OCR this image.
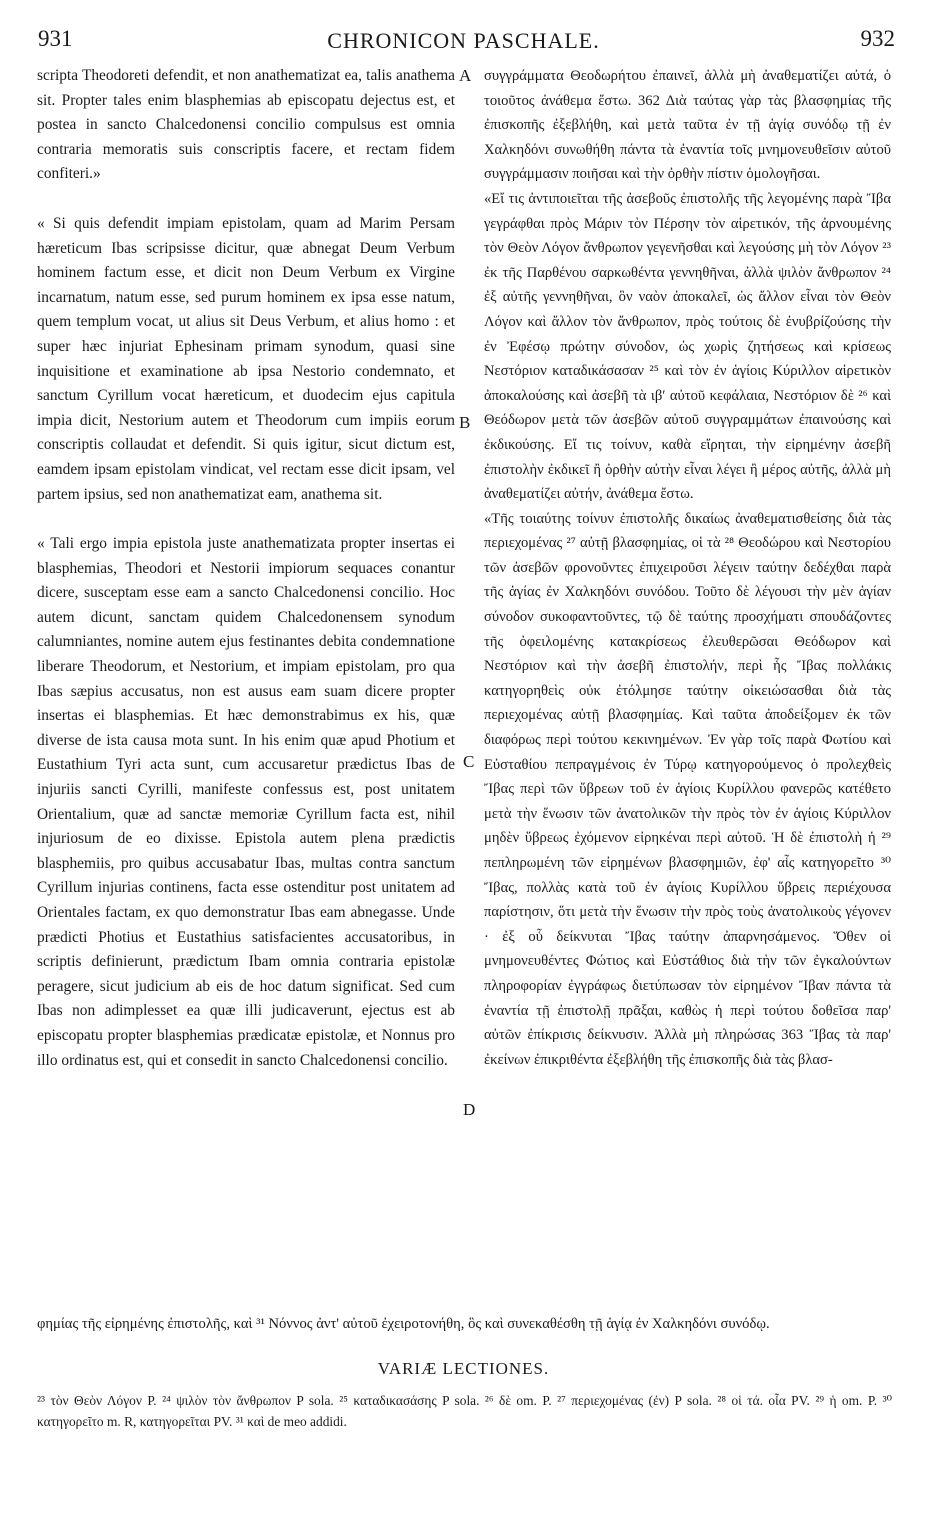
931	CHRONICON PASCHALE.	932

scripta Theodoreti defendit, et non anathematizat ea, talis anathema sit. Propter tales enim blasphemias ab episcopatu dejectus est, et postea in sancto Chalcedonensi concilio compulsus est omnia contraria memoratis suis conscriptis facere, et rectam fidem confiteri.»

« Si quis defendit impiam epistolam, quam ad Marim Persam hæreticum Ibas scripsisse dicitur, quæ abnegat Deum Verbum hominem factum esse, et dicit non Deum Verbum ex Virgine incarnatum, natum esse, sed purum hominem ex ipsa esse natum, quem templum vocat, ut alius sit Deus Verbum, et alius homo : et super hæc injuriat Ephesinam primam synodum, quasi sine inquisitione et examinatione ab ipsa Nestorio condemnato, et sanctum Cyrillum vocat hæreticum, et duodecim ejus capitula impia dicit, Nestorium autem et Theodorum cum impiis eorum conscriptis collaudat et defendit. Si quis igitur, sicut dictum est, eamdem ipsam epistolam vindicat, vel rectam esse dicit ipsam, vel partem ipsius, sed non anathematizat eam, anathema sit.

« Tali ergo impia epistola juste anathematizata propter insertas ei blasphemias, Theodori et Nestorii impiorum sequaces conantur dicere, susceptam esse eam a sancto Chalcedonensi concilio. Hoc autem dicunt, sanctam quidem Chalcedonensem synodum calumniantes, nomine autem ejus festinantes debita condemnatione liberare Theodorum, et Nestorium, et impiam epistolam, pro qua Ibas sæpius accusatus, non est ausus eam suam dicere propter insertas ei blasphemias. Et hæc demonstrabimus ex his, quæ diverse de ista causa mota sunt. In his enim quæ apud Photium et Eustathium Tyri acta sunt, cum accusaretur prædictus Ibas de injuriis sancti Cyrilli, manifeste confessus est, post unitatem Orientalium, quæ ad sanctæ memoriæ Cyrillum facta est, nihil injuriosum de eo dixisse. Epistola autem plena prædictis blasphemiis, pro quibus accusabatur Ibas, multas contra sanctum Cyrillum injurias continens, facta esse ostenditur post unitatem ad Orientales factam, ex quo demonstratur Ibas eam abnegasse. Unde prædicti Photius et Eustathius satisfacientes accusatoribus, in scriptis definierunt, prædictum Ibam omnia contraria epistolæ peragere, sicut judicium ab eis de hoc datum significat. Sed cum Ibas non adimplesset ea quæ illi judicaverunt, ejectus est ab episcopatu propter blasphemias prædicatæ epistolæ, et Nonnus pro illo ordinatus est, qui et consedit in sancto Chalcedonensi concilio.

A
B
C
D

συγγράμματα Θεοδωρήτου ἐπαινεῖ, ἀλλὰ μὴ ἀναθεματίζει αὐτά, ὁ τοιοῦτος ἀνάθεμα ἔστω. 362 Διὰ ταύτας γὰρ τὰς βλασφημίας τῆς ἐπισκοπῆς ἐξεβλήθη, καὶ μετὰ ταῦτα ἐν τῇ ἁγίᾳ συνόδῳ τῇ ἐν Χαλκηδόνι συνωθήθη πάντα τὰ ἐναντία τοῖς μνημονευθεῖσιν αὐτοῦ συγγράμμασιν ποιῆσαι καὶ τὴν ὀρθὴν πίστιν ὁμολογῆσαι.

«Εἴ τις ἀντιποιεῖται τῆς ἀσεβοῦς ἐπιστολῆς τῆς λεγομένης παρὰ Ἴβα γεγράφθαι πρὸς Μάριν τὸν Πέρσην τὸν αἱρετικόν, τῆς ἀρνουμένης τὸν Θεὸν Λόγον ἄνθρωπον γεγενῆσθαι καὶ λεγούσης μὴ τὸν Λόγον ²³ ἐκ τῆς Παρθένου σαρκωθέντα γεννηθῆναι, ἀλλὰ ψιλὸν ἄνθρωπον ²⁴ ἐξ αὐτῆς γεννηθῆναι, ὃν ναὸν ἀποκαλεῖ, ὡς ἄλλον εἶναι τὸν Θεὸν Λόγον καὶ ἄλλον τὸν ἄνθρωπον, πρὸς τούτοις δὲ ἐνυβρίζούσης τὴν ἐν Ἐφέσῳ πρώτην σύνοδον, ὡς χωρὶς ζητήσεως καὶ κρίσεως Νεστόριον καταδικάσασαν ²⁵ καὶ τὸν ἐν ἁγίοις Κύριλλον αἱρετικὸν ἀποκαλούσης καὶ ἀσεβῆ τὰ ιβʹ αὐτοῦ κεφάλαια, Νεστόριον δὲ ²⁶ καὶ Θεόδωρον μετὰ τῶν ἀσεβῶν αὐτοῦ συγγραμμάτων ἐπαινούσης καὶ ἐκδικούσης. Εἴ τις τοίνυν, καθὰ εἴρηται, τὴν εἰρημένην ἀσεβῆ ἐπιστολὴν ἐκδικεῖ ἢ ὀρθὴν αὐτὴν εἶναι λέγει ἢ μέρος αὐτῆς, ἀλλὰ μὴ ἀναθεματίζει αὐτήν, ἀνάθεμα ἔστω.

«Τῆς τοιαύτης τοίνυν ἐπιστολῆς δικαίως ἀναθεματισθείσης διὰ τὰς περιεχομένας ²⁷ αὐτῇ βλασφημίας, οἱ τὰ ²⁸ Θεοδώρου καὶ Νεστορίου τῶν ἀσεβῶν φρονοῦντες ἐπιχειροῦσι λέγειν ταύτην δεδέχθαι παρὰ τῆς ἁγίας ἐν Χαλκηδόνι συνόδου. Τοῦτο δὲ λέγουσι τὴν μὲν ἁγίαν σύνοδον συκοφαντοῦντες, τῷ δὲ ταύτης προσχήματι σπουδάζοντες τῆς ὀφειλομένης κατακρίσεως ἐλευθερῶσαι Θεόδωρον καὶ Νεστόριον καὶ τὴν ἀσεβῆ ἐπιστολήν, περὶ ἧς Ἴβας πολλάκις κατηγορηθεὶς οὐκ ἐτόλμησε ταύτην οἰκειώσασθαι διὰ τὰς περιεχομένας αὐτῇ βλασφημίας. Καὶ ταῦτα ἀποδείξομεν ἐκ τῶν διαφόρως περὶ τούτου κεκινημένων. Ἐν γὰρ τοῖς παρὰ Φωτίου καὶ Εὐσταθίου πεπραγμένοις ἐν Τύρῳ κατηγορούμενος ὁ προλεχθεὶς Ἴβας περὶ τῶν ὕβρεων τοῦ ἐν ἁγίοις Κυρίλλου φανερῶς κατέθετο μετὰ τὴν ἕνωσιν τῶν ἀνατολικῶν τὴν πρὸς τὸν ἐν ἁγίοις Κύριλλον μηδὲν ὕβρεως ἐχόμενον εἰρηκέναι περὶ αὐτοῦ. Ἡ δὲ ἐπιστολὴ ἡ ²⁹ πεπληρωμένη τῶν εἰρημένων βλασφημιῶν, ἐφ' αἷς κατηγορεῖτο ³⁰ Ἴβας, πολλὰς κατὰ τοῦ ἐν ἁγίοις Κυρίλλου ὕβρεις περιέχουσα παρίστησιν, ὅτι μετὰ τὴν ἕνωσιν τὴν πρὸς τοὺς ἀνατολικοὺς γέγονεν · ἐξ οὗ δείκνυται Ἴβας ταύτην ἀπαρνησάμενος. Ὅθεν οἱ μνημονευθέντες Φώτιος καὶ Εὐστάθιος διὰ τὴν τῶν ἐγκαλούντων πληροφορίαν ἐγγράφως διετύπωσαν τὸν εἰρημένον Ἴβαν πάντα τὰ ἐναντία τῇ ἐπιστολῇ πρᾶξαι, καθὼς ἡ περὶ τούτου δοθεῖσα παρ' αὐτῶν ἐπίκρισις δείκνυσιν. Ἀλλὰ μὴ πληρώσας 363 Ἴβας τὰ παρ' ἐκείνων ἐπικριθέντα ἐξεβλήθη τῆς ἐπισκοπῆς διὰ τὰς βλασ-

φημίας τῆς εἰρημένης ἐπιστολῆς, καὶ ³¹ Νόννος ἀντ' αὐτοῦ ἐχειροτονήθη, ὃς καὶ συνεκαθέσθη τῇ ἁγίᾳ ἐν Χαλκηδόνι συνόδῳ.
VARIÆ LECTIONES.
²³ τὸν Θεὸν Λόγον P. ²⁴ ψιλὸν τὸν ἄνθρωπον P sola. ²⁵ καταδικασάσης P sola. ²⁶ δὲ om. P. ²⁷ περιεχομένας (ἐν) P sola. ²⁸ οἱ τά. οἷα PV. ²⁹ ἡ om. P. ³⁰ κατηγορεῖτο m. R, κατηγορεῖται PV. ³¹ καὶ de meo addidi.
